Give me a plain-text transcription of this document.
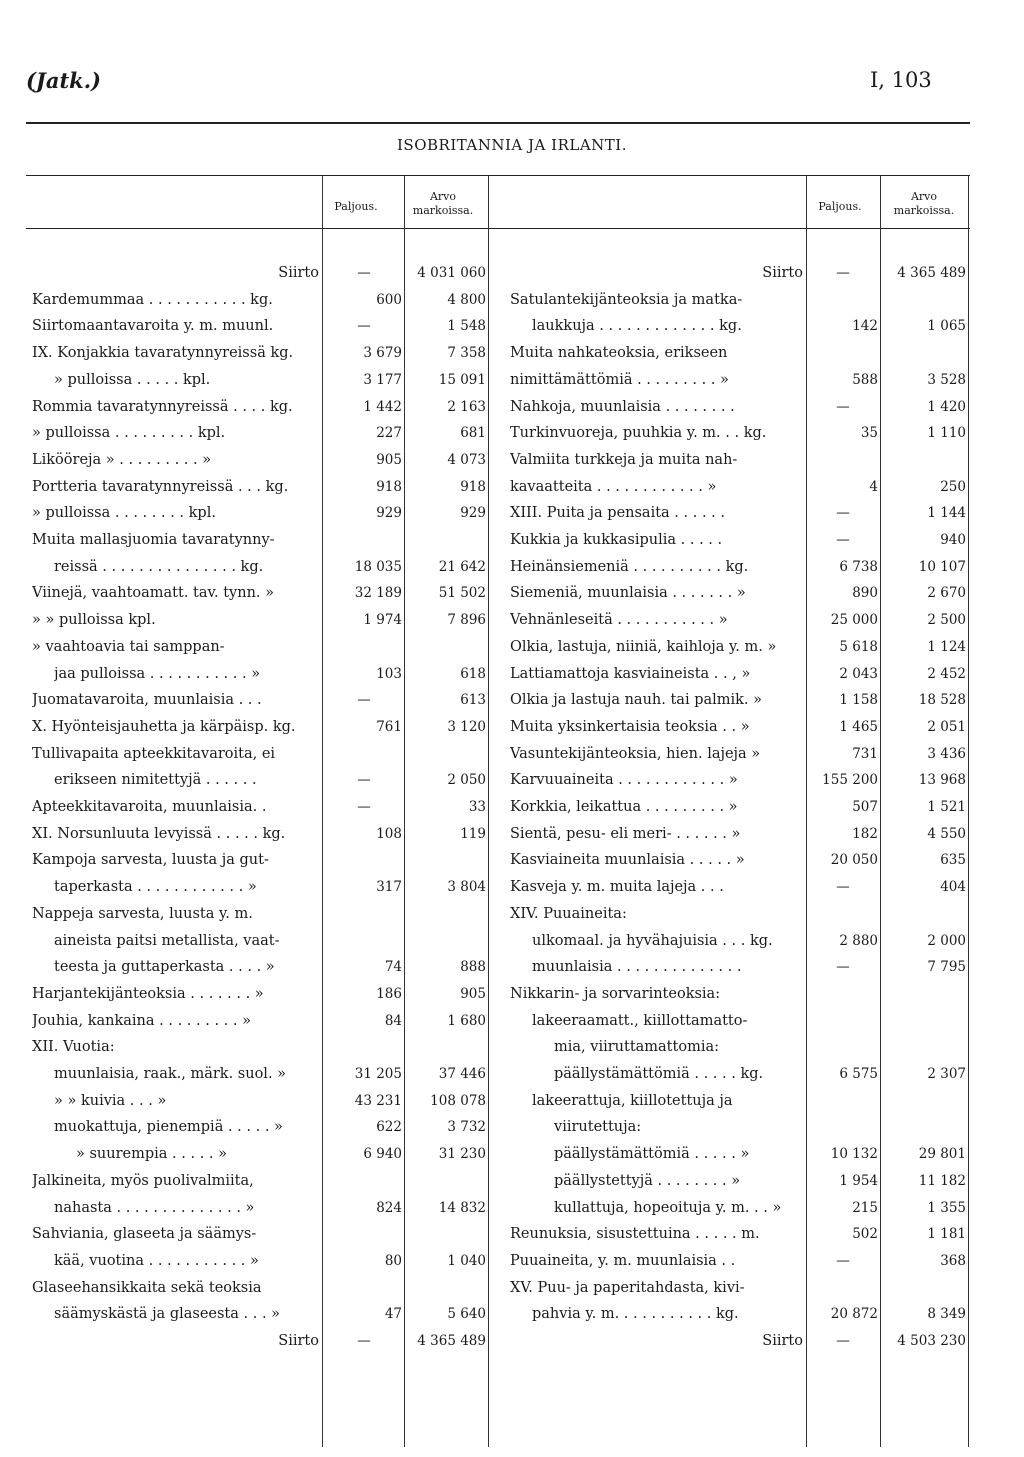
(Jatk.)	I, 103
ISOBRITANNIA JA IRLANTI.
Paljous.
Arvo
markoissa.	Paljous.
Arvo
markoissa.
Siirto	—	4 031 060
Kardemummaa . . . . . . . . . . . kg.	600	4 800
Siirtomaantavaroita y. m. muunl.	—	1 548
IX. Konjakkia tavaratynnyreissä kg.	3 679	7 358
» pulloissa . . . . . kpl.	3 177	15 091
Rommia tavaratynnyreissä . . . . kg.	1 442	2 163
» pulloissa . . . . . . . . . kpl.	227	681
Likööreja » . . . . . . . . . »	905	4 073
Portteria tavaratynnyreissä . . . kg.	918	918
» pulloissa . . . . . . . . kpl.	929	929
Muita mallasjuomia tavaratynny-
reissä . . . . . . . . . . . . . . . kg.	18 035	21 642
Viinejä, vaahtoamatt. tav. tynn. »	32 189	51 502
» » pulloissa kpl.	1 974	7 896
» vaahtoavia tai samppan-
jaa pulloissa . . . . . . . . . . . »	103	618
Juomatavaroita, muunlaisia . . .	—	613
X. Hyönteisjauhetta ja kärpäisp. kg.	761	3 120
Tullivapaita apteekkitavaroita, ei
erikseen nimitettyjä . . . . . .	—	2 050
Apteekkitavaroita, muunlaisia. .	—	33
XI. Norsunluuta levyissä . . . . . kg.	108	119
Kampoja sarvesta, luusta ja gut-
taperkasta . . . . . . . . . . . . »	317	3 804
Nappeja sarvesta, luusta y. m.
aineista paitsi metallista, vaat-
teesta ja guttaperkasta . . . . »	74	888
Harjantekijänteoksia . . . . . . . »	186	905
Jouhia, kankaina . . . . . . . . . »	84	1 680
XII. Vuotia:
muunlaisia, raak., märk. suol. »	31 205	37 446
» » kuivia . . . »	43 231	108 078
muokattuja, pienempiä . . . . . »	622	3 732
» suurempia . . . . . »	6 940	31 230
Jalkineita, myös puolivalmiita,
nahasta . . . . . . . . . . . . . . »	824	14 832
Sahviania, glaseeta ja säämys-
kää, vuotina . . . . . . . . . . . »	80	1 040
Glaseehansikkaita sekä teoksia
säämyskästä ja glaseesta . . . »	47	5 640
Siirto	—	4 365 489
Siirto	—	4 365 489
Satulantekijänteoksia ja matka-
laukkuja . . . . . . . . . . . . . kg.	142	1 065
Muita nahkateoksia, erikseen
nimittämättömiä . . . . . . . . . »	588	3 528
Nahkoja, muunlaisia . . . . . . . .	—	1 420
Turkinvuoreja, puuhkia y. m. . . kg.	35	1 110
Valmiita turkkeja ja muita nah-
kavaatteita . . . . . . . . . . . . »	4	250
XIII. Puita ja pensaita . . . . . .	—	1 144
Kukkia ja kukkasipulia . . . . .	—	940
Heinänsiemeniä . . . . . . . . . . kg.	6 738	10 107
Siemeniä, muunlaisia . . . . . . . »	890	2 670
Vehnänleseitä . . . . . . . . . . . »	25 000	2 500
Olkia, lastuja, niiniä, kaihloja y. m. »	5 618	1 124
Lattiamattoja kasviaineista . . , »	2 043	2 452
Olkia ja lastuja nauh. tai palmik. »	1 158	18 528
Muita yksinkertaisia teoksia . . »	1 465	2 051
Vasuntekijänteoksia, hien. lajeja »	731	3 436
Karvuuaineita . . . . . . . . . . . . »	155 200	13 968
Korkkia, leikattua . . . . . . . . . »	507	1 521
Sientä, pesu- eli meri- . . . . . . »	182	4 550
Kasviaineita muunlaisia . . . . . »	20 050	635
Kasveja y. m. muita lajeja . . .	—	404
XIV. Puuaineita:
ulkomaal. ja hyvähajuisia . . . kg.	2 880	2 000
muunlaisia . . . . . . . . . . . . . .	—	7 795
Nikkarin- ja sorvarinteoksia:
lakeeraamatt., kiillottamatto-
mia, viiruttamattomia:
päällystämättömiä . . . . . kg.	6 575	2 307
lakeerattuja, kiillotettuja ja
viirutettuja:
päällystämättömiä . . . . . »	10 132	29 801
päällystettyjä . . . . . . . . »	1 954	11 182
kullattuja, hopeoituja y. m. . . »	215	1 355
Reunuksia, sisustettuina . . . . . m.	502	1 181
Puuaineita, y. m. muunlaisia . .	—	368
XV. Puu- ja paperitahdasta, kivi-
pahvia y. m. . . . . . . . . . . kg.	20 872	8 349
Siirto	—	4 503 230
